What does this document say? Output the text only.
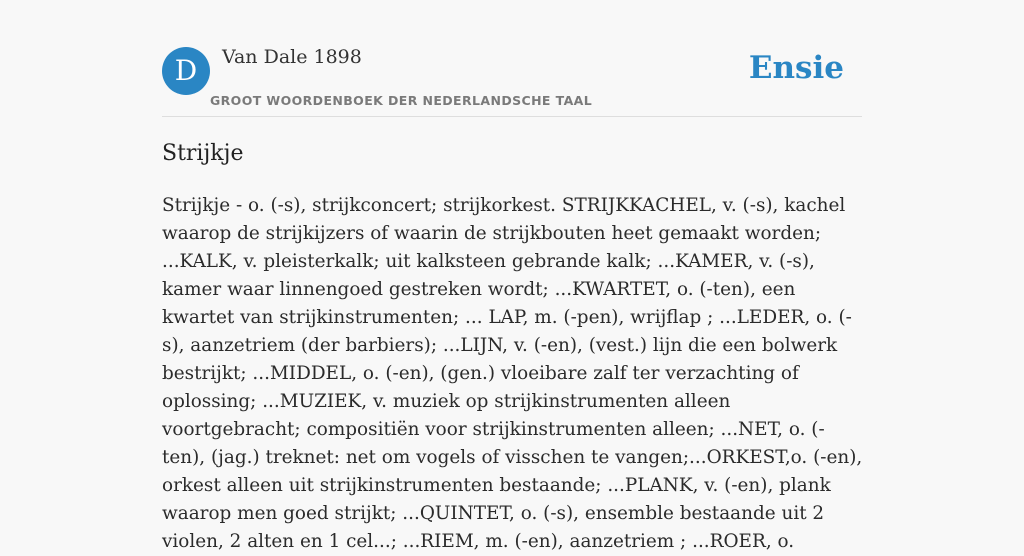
D	Van Dale 1898
GROOT WOORDENBOEK DER NEDERLANDSCHE TAAL
Ensie
Strijkje

Strijkje - o. (-s), strijkconcert; strijkorkest. STRIJKKACHEL, v. (-s), kachel waarop de strijkijzers of waarin de strijkbouten heet gemaakt worden; ...KALK, v. pleisterkalk; uit kalksteen gebrande kalk; ...KAMER, v. (-s), kamer waar linnengoed gestreken wordt; ...KWARTET, o. (-ten), een kwartet van strijkinstrumenten; ... LAP, m. (-pen), wrijflap ; ...LEDER, o. (-s), aanzetriem (der barbiers); ...LIJN, v. (-en), (vest.) lijn die een bolwerk bestrijkt; ...MIDDEL, o. (-en), (gen.) vloeibare zalf ter verzachting of oplossing; ...MUZIEK, v. muziek op strijkinstrumenten alleen voortgebracht; compositiën voor strijkinstrumenten alleen; ...NET, o. (-ten), (jag.) treknet: net om vogels of visschen te vangen;...ORKEST,o. (-en), orkest alleen uit strijkinstrumenten bestaande; ...PLANK, v. (-en), plank waarop men goed strijkt; ...QUINTET, o. (-s), ensemble bestaande uit 2 violen, 2 alten en 1 cel...; ...RIEM, m. (-en), aanzetriem ; ...ROER, o.
